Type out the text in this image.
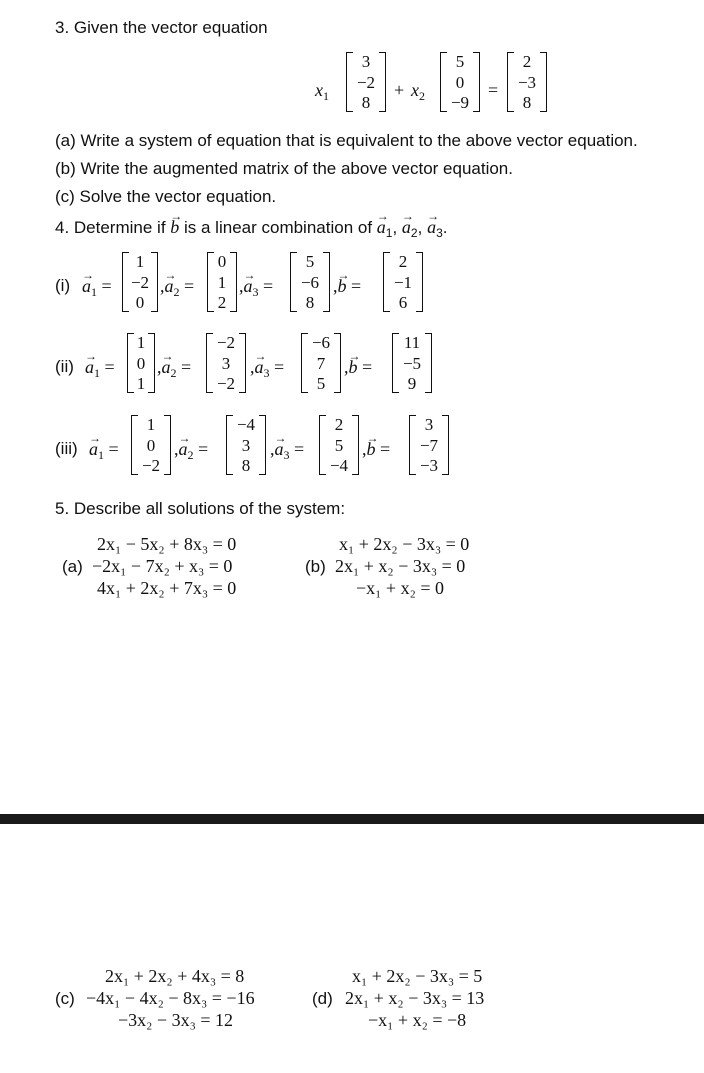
3. Given the vector equation
$x_1$
3
−2
8
+ $x_2$
5
0
−9
=
2
−3
8
(a) Write a system of equation that is equivalent to the above vector equation.
(b) Write the augmented matrix of the above vector equation.
(c) Solve the vector equation.
4. Determine if b → is a linear combination of $a \to_1$, $a \to_2$, $a \to_3$.
(i) $a \to_1$ =
1
−2
0
$,a \to_2$ =
0
1
2
$,a \to_3$ =
5
−6
8
,b → =
2
−1
6
(ii) $a \to_1$ =
1
0
1
$,a \to_2$ =
−2
3
−2
$,a \to_3$ =
−6
7
5
,b → =
11
−5
9
(iii) $a \to_1$ =
1
0
−2
$,a \to_2$ =
−4
3
8
$,a \to_3$ =
2
5
−4
,b → =
3
−7
−3
5. Describe all solutions of the system:
2x₁ − 5x₂ + 8x₃ = 0
(a) −2x₁ − 7x₂ + x₃ = 0
4x₁ + 2x₂ + 7x₃ = 0
x₁ + 2x₂ − 3x₃ = 0
(b) 2x₁ + x₂ − 3x₃ = 0
−x₁ + x₂ = 0
2x₁ + 2x₂ + 4x₃ = 8
(c) −4x₁ − 4x₂ − 8x₃ = −16
−3x₂ − 3x₃ = 12
x₁ + 2x₂ − 3x₃ = 5
(d) 2x₁ + x₂ − 3x₃ = 13
−x₁ + x₂ = −8
